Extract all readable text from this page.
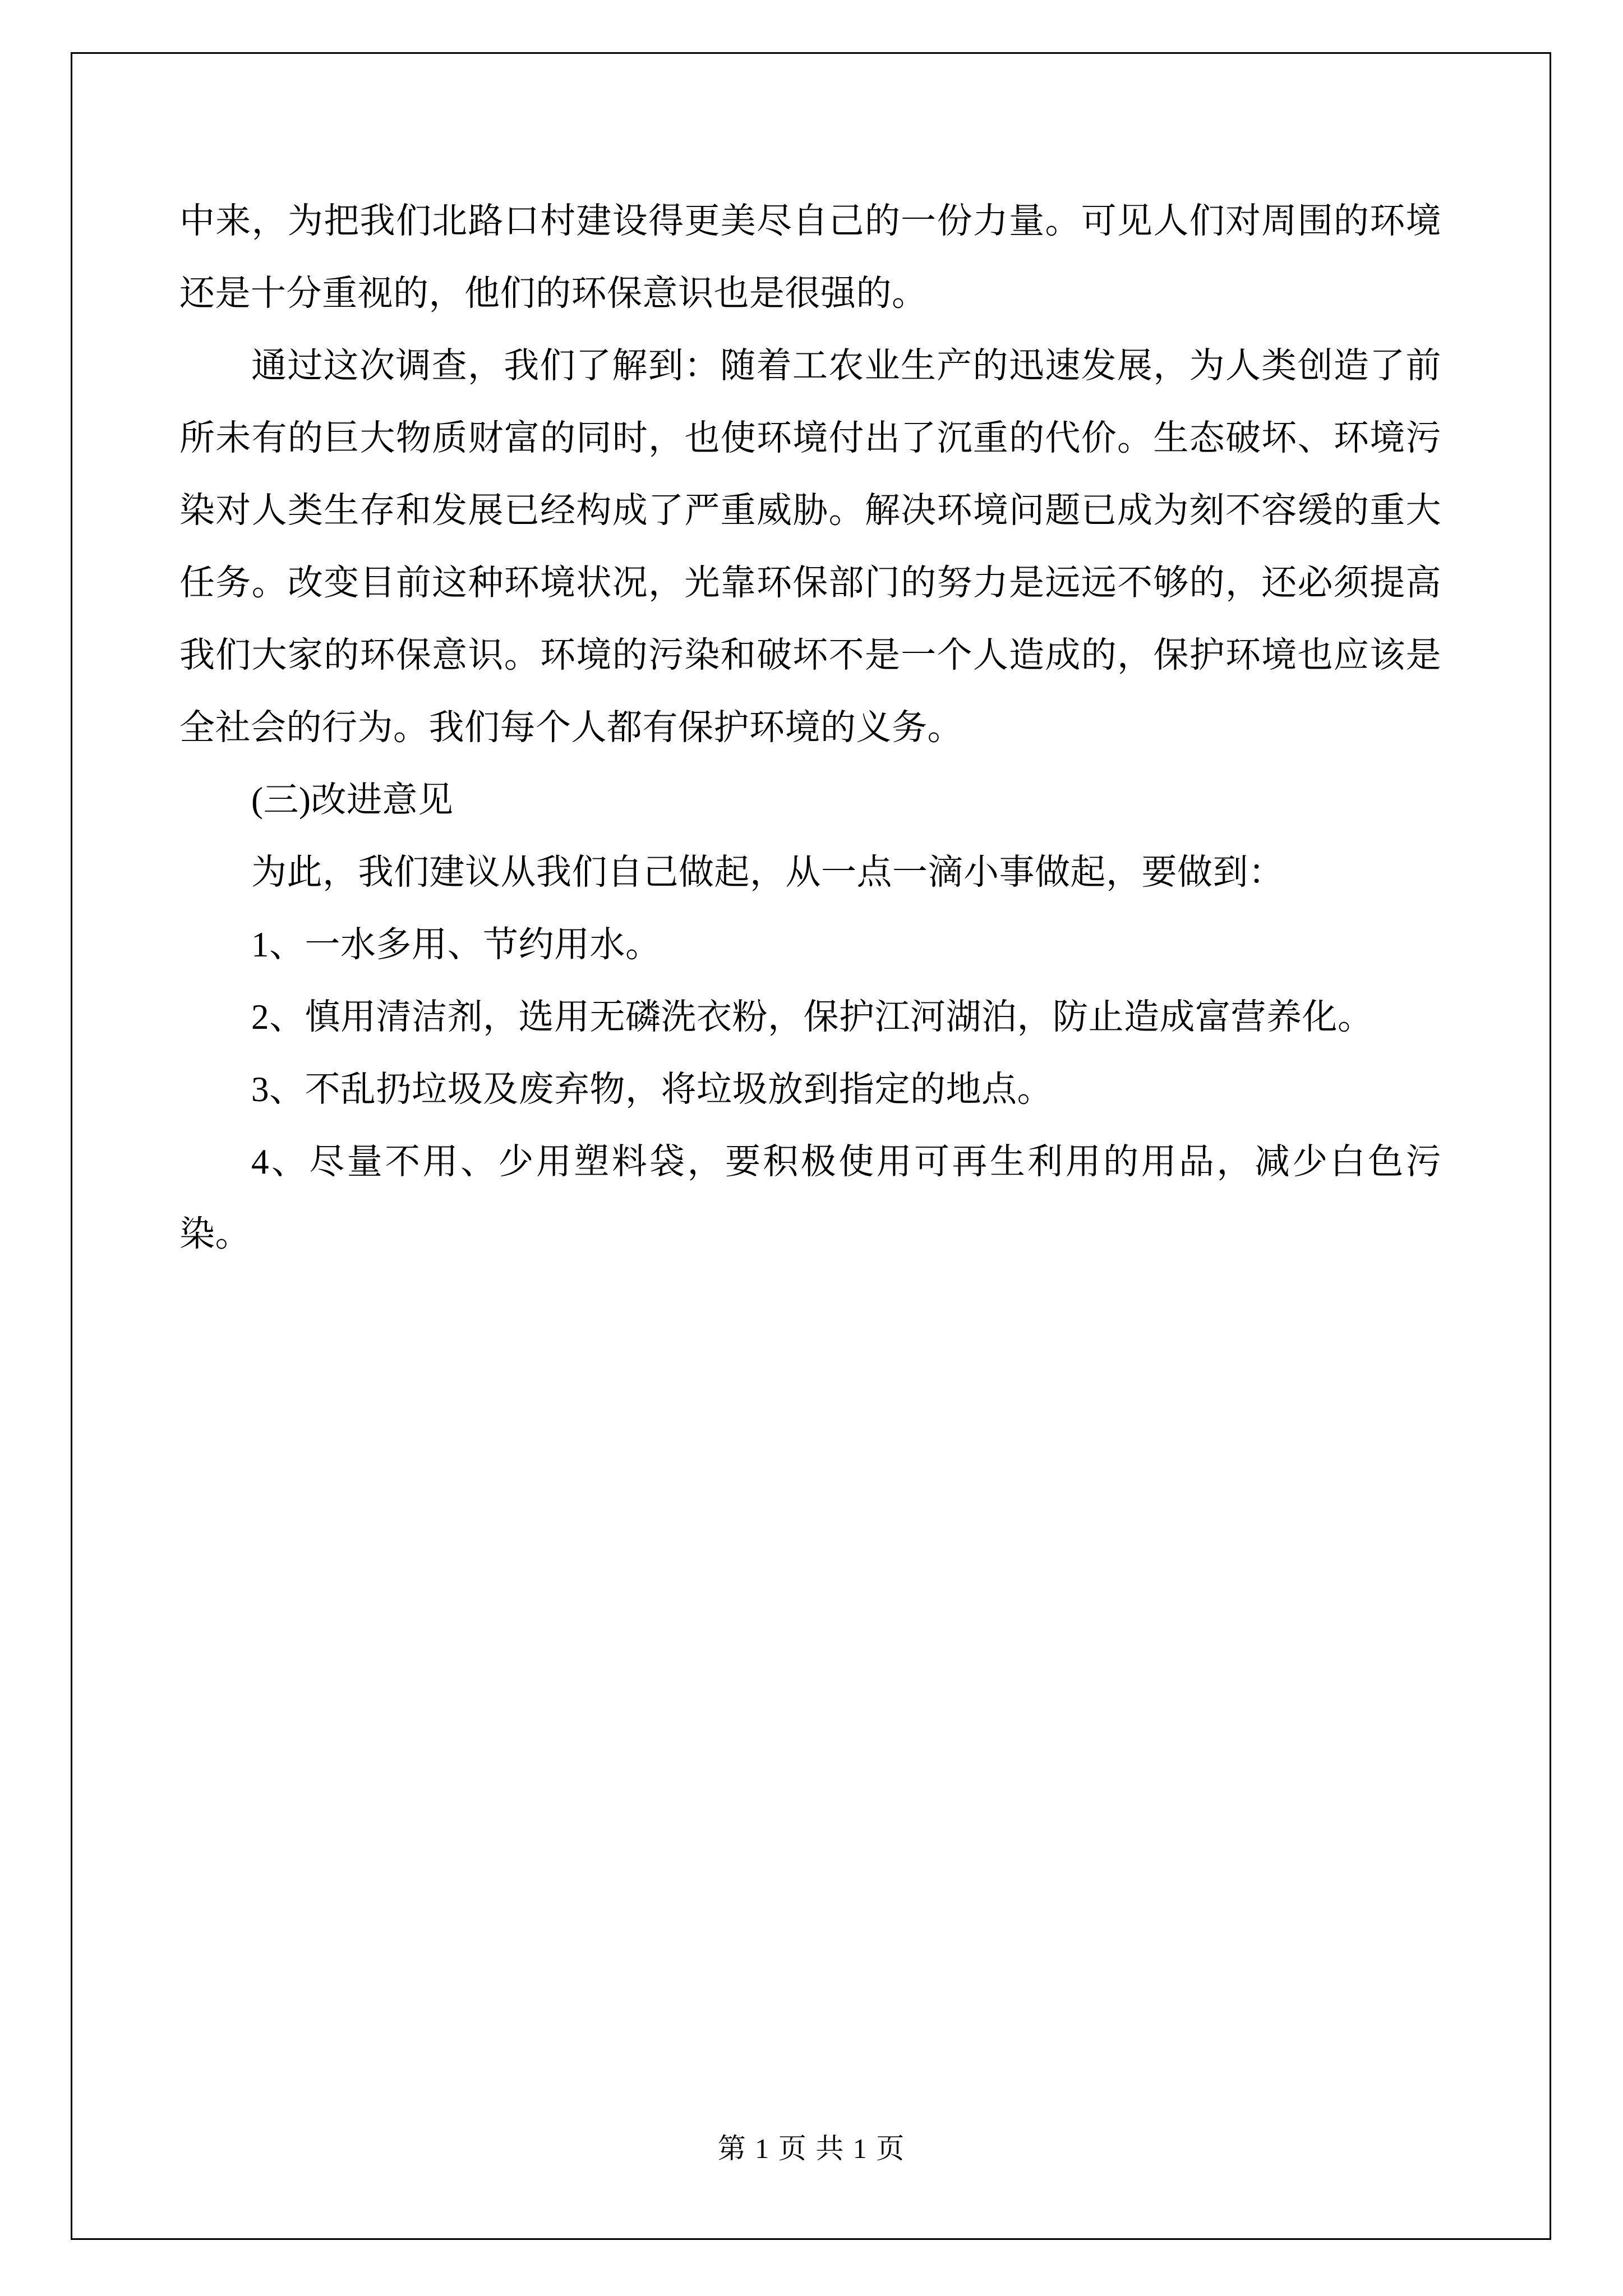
中来，为把我们北路口村建设得更美尽自己的一份力量。可见人们对周围的环境还是十分重视的，他们的环保意识也是很强的。

通过这次调查，我们了解到：随着工农业生产的迅速发展，为人类创造了前所未有的巨大物质财富的同时，也使环境付出了沉重的代价。生态破坏、环境污染对人类生存和发展已经构成了严重威胁。解决环境问题已成为刻不容缓的重大任务。改变目前这种环境状况，光靠环保部门的努力是远远不够的，还必须提高我们大家的环保意识。环境的污染和破坏不是一个人造成的，保护环境也应该是全社会的行为。我们每个人都有保护环境的义务。

(三)改进意见

为此，我们建议从我们自己做起，从一点一滴小事做起，要做到：

1、一水多用、节约用水。

2、慎用清洁剂，选用无磷洗衣粉，保护江河湖泊，防止造成富营养化。

3、不乱扔垃圾及废弃物，将垃圾放到指定的地点。

4、尽量不用、少用塑料袋，要积极使用可再生利用的用品，减少白色污染。

第 1 页 共 1 页
